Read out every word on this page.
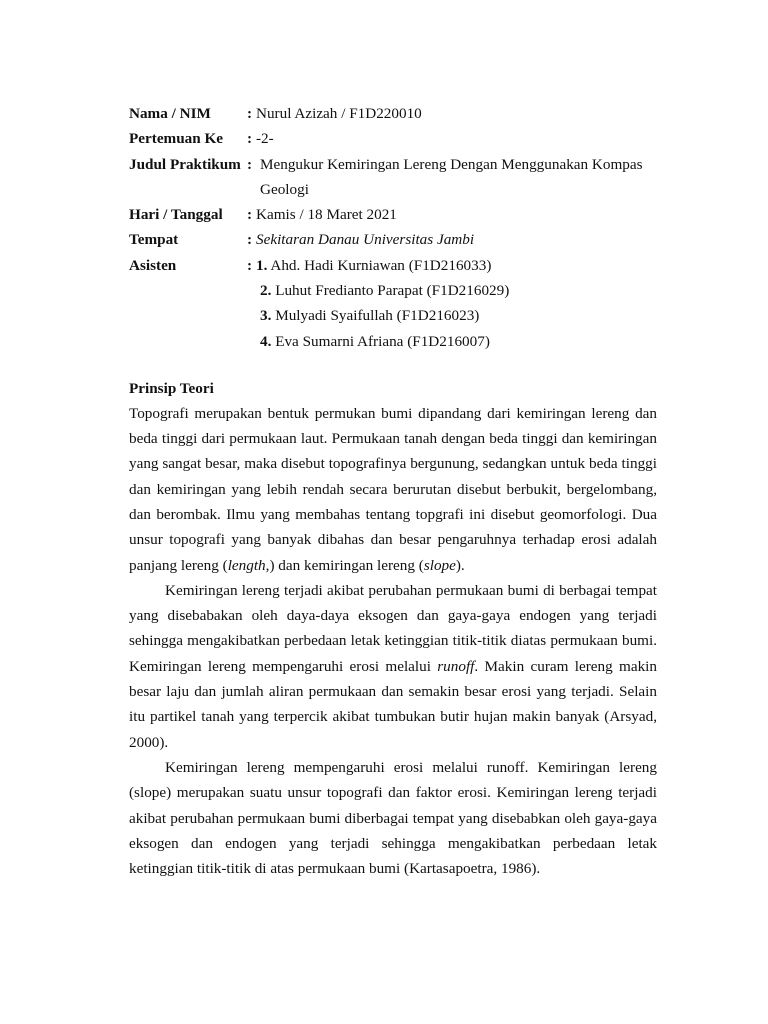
Nama / NIM : Nurul Azizah / F1D220010
Pertemuan Ke : -2-
Judul Praktikum : Mengukur Kemiringan Lereng Dengan Menggunakan Kompas
Geologi
Hari / Tanggal : Kamis / 18 Maret 2021
Tempat	: Sekitaran Danau Universitas Jambi
Asisten	: 1. Ahd. Hadi Kurniawan (F1D216033)
2. Luhut Fredianto Parapat (F1D216029)
3. Mulyadi Syaifullah (F1D216023)
4. Eva Sumarni Afriana (F1D216007)

Prinsip Teori

Topografi merupakan bentuk permukan bumi dipandang dari kemiringan lereng dan beda tinggi dari permukaan laut. Permukaan tanah dengan beda tinggi dan kemiringan yang sangat besar, maka disebut topografinya bergunung, sedangkan untuk beda tinggi dan kemiringan yang lebih rendah secara berurutan disebut berbukit, bergelombang, dan berombak. Ilmu yang membahas tentang topgrafi ini disebut geomorfologi. Dua unsur topografi yang banyak dibahas dan besar pengaruhnya terhadap erosi adalah panjang lereng (length,) dan kemiringan lereng (slope).

Kemiringan lereng terjadi akibat perubahan permukaan bumi di berbagai tempat yang disebabakan oleh daya-daya eksogen dan gaya-gaya endogen yang terjadi sehingga mengakibatkan perbedaan letak ketinggian titik-titik diatas permukaan bumi. Kemiringan lereng mempengaruhi erosi melalui runoff. Makin curam lereng makin besar laju dan jumlah aliran permukaan dan semakin besar erosi yang terjadi. Selain itu partikel tanah yang terpercik akibat tumbukan butir hujan makin banyak (Arsyad, 2000).

Kemiringan lereng mempengaruhi erosi melalui runoff. Kemiringan lereng (slope) merupakan suatu unsur topografi dan faktor erosi. Kemiringan lereng terjadi akibat perubahan permukaan bumi diberbagai tempat yang disebabkan oleh gaya-gaya eksogen dan endogen yang terjadi sehingga mengakibatkan perbedaan letak ketinggian titik-titik di atas permukaan bumi (Kartasapoetra, 1986).
